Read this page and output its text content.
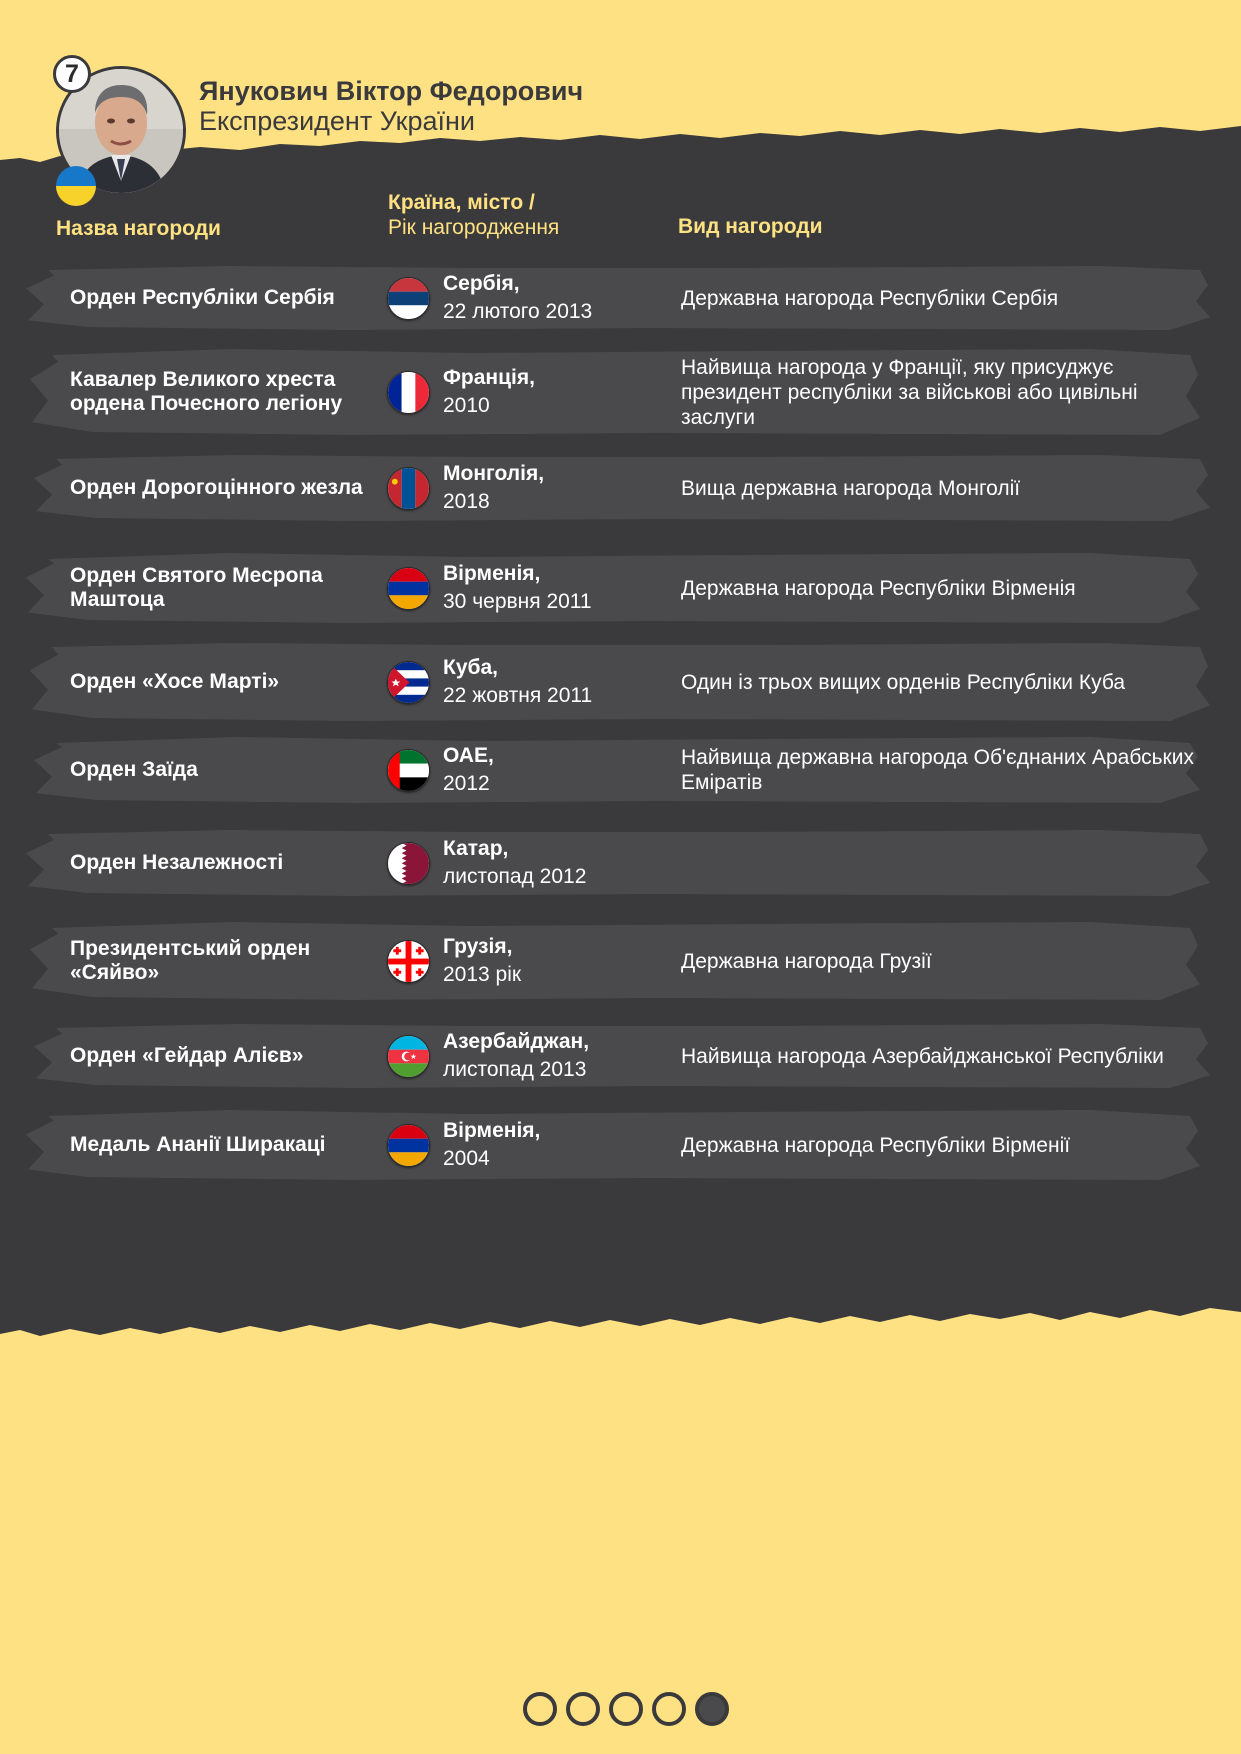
7
Янукович Віктор Федорович
Експрезидент України
Назва нагороди
Країна, місто /
Рік нагородження	Вид нагороди
Орден Республіки Сербія
Сербія,
22 лютого 2013
Державна нагорода Республіки Сербія
Кавалер Великого хреста ордена Почесного легіону
Франція,
2010
Найвища нагорода у Франції, яку присуджує президент республіки за військові або цивільні заслуги
Орден Дорогоцінного жезла
Монголія,
2018
Вища державна нагорода Монголії
Орден Святого Месропа Маштоца
Вірменія,
30 червня 2011
Державна нагорода Республіки Вірменія
Орден «Хосе Марті»
Куба,
22 жовтня 2011
Один із трьох вищих орденів Республіки Куба
Орден Заїда
ОАЕ,
2012
Найвища державна нагорода Об'єднаних Арабських Еміратів
Орден Незалежності
Катар,
листопад 2012
Президентський орден «Сяйво»
Грузія,
2013 рік
Державна нагорода Грузії
Орден «Гейдар Алієв»
Азербайджан,
листопад 2013
Найвища нагорода Азербайджанської Республіки
Медаль Ананії Ширакаці
Вірменія,
2004
Державна нагорода Республіки Вірменії
